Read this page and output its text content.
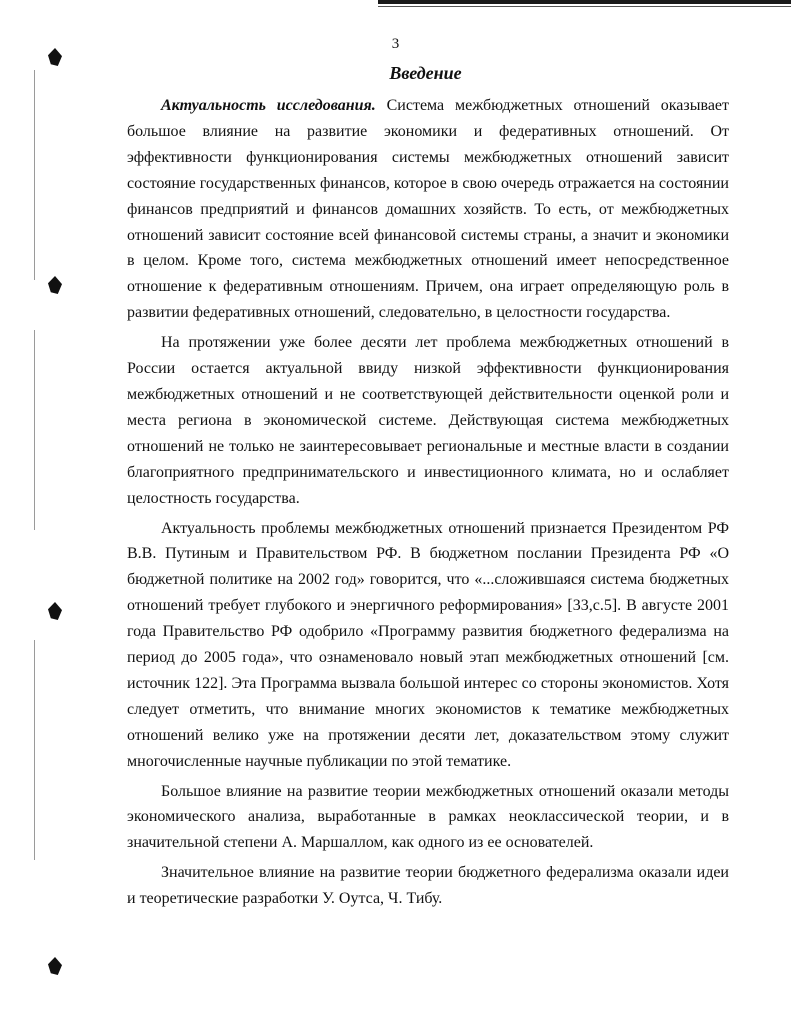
3
Введение

Актуальность исследования. Система межбюджетных отношений оказывает большое влияние на развитие экономики и федеративных отношений. От эффективности функционирования системы межбюджетных отношений зависит состояние государственных финансов, которое в свою очередь отражается на состоянии финансов предприятий и финансов домашних хозяйств. То есть, от межбюджетных отношений зависит состояние всей финансовой системы страны, а значит и экономики в целом. Кроме того, система межбюджетных отношений имеет непосредственное отношение к федеративным отношениям. Причем, она играет определяющую роль в развитии федеративных отношений, следовательно, в целостности государства.

На протяжении уже более десяти лет проблема межбюджетных отношений в России остается актуальной ввиду низкой эффективности функционирования межбюджетных отношений и не соответствующей действительности оценкой роли и места региона в экономической системе. Действующая система межбюджетных отношений не только не заинтересовывает региональные и местные власти в создании благоприятного предпринимательского и инвестиционного климата, но и ослабляет целостность государства.

Актуальность проблемы межбюджетных отношений признается Президентом РФ В.В. Путиным и Правительством РФ. В бюджетном послании Президента РФ «О бюджетной политике на 2002 год» говорится, что «...сложившаяся система бюджетных отношений требует глубокого и энергичного реформирования» [33,с.5]. В августе 2001 года Правительство РФ одобрило «Программу развития бюджетного федерализма на период до 2005 года», что ознаменовало новый этап межбюджетных отношений [см. источник 122]. Эта Программа вызвала большой интерес со стороны экономистов. Хотя следует отметить, что внимание многих экономистов к тематике межбюджетных отношений велико уже на протяжении десяти лет, доказательством этому служит многочисленные научные публикации по этой тематике.

Большое влияние на развитие теории межбюджетных отношений оказали методы экономического анализа, выработанные в рамках неоклассической теории, и в значительной степени А. Маршаллом, как одного из ее основателей.

Значительное влияние на развитие теории бюджетного федерализма оказали идеи и теоретические разработки У. Оутса, Ч. Тибу.
